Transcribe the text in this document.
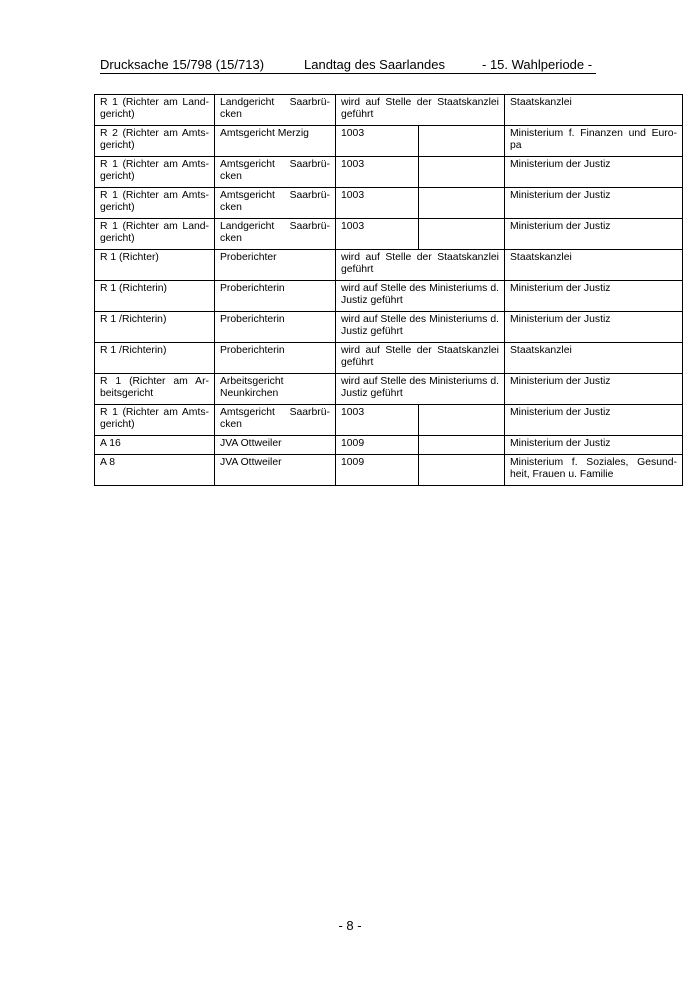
Drucksache 15/798 (15/713)	Landtag des Saarlandes	- 15. Wahlperiode -
R 1 (Richter am Land-gericht)	Landgericht Saarbrü-cken	wird auf Stelle der Staatskanzlei geführt		Staatskanzlei
R 2 (Richter am Amts-gericht)	Amtsgericht Merzig	1003		Ministerium f. Finanzen und Euro-pa
R 1 (Richter am Amts-gericht)	Amtsgericht Saarbrü-cken	1003		Ministerium der Justiz
R 1 (Richter am Amts-gericht)	Amtsgericht Saarbrü-cken	1003		Ministerium der Justiz
R 1 (Richter am Land-gericht)	Landgericht Saarbrü-cken	1003		Ministerium der Justiz
R 1 (Richter)	Proberichter	wird auf Stelle der Staatskanzlei geführt		Staatskanzlei
R 1 (Richterin)	Proberichterin	wird auf Stelle des Ministeriums d. Justiz geführt		Ministerium der Justiz
R 1 /Richterin)	Proberichterin	wird auf Stelle des Ministeriums d. Justiz geführt		Ministerium der Justiz
R 1 /Richterin)	Proberichterin	wird auf Stelle der Staatskanzlei geführt		Staatskanzlei
R 1 (Richter am Ar-beitsgericht	Arbeitsgericht Neunkirchen	wird auf Stelle des Ministeriums d. Justiz geführt		Ministerium der Justiz
R 1 (Richter am Amts-gericht)	Amtsgericht Saarbrü-cken	1003		Ministerium der Justiz
A 16	JVA Ottweiler	1009		Ministerium der Justiz
A 8	JVA Ottweiler	1009		Ministerium f. Soziales, Gesund-heit, Frauen u. Familie
- 8 -
